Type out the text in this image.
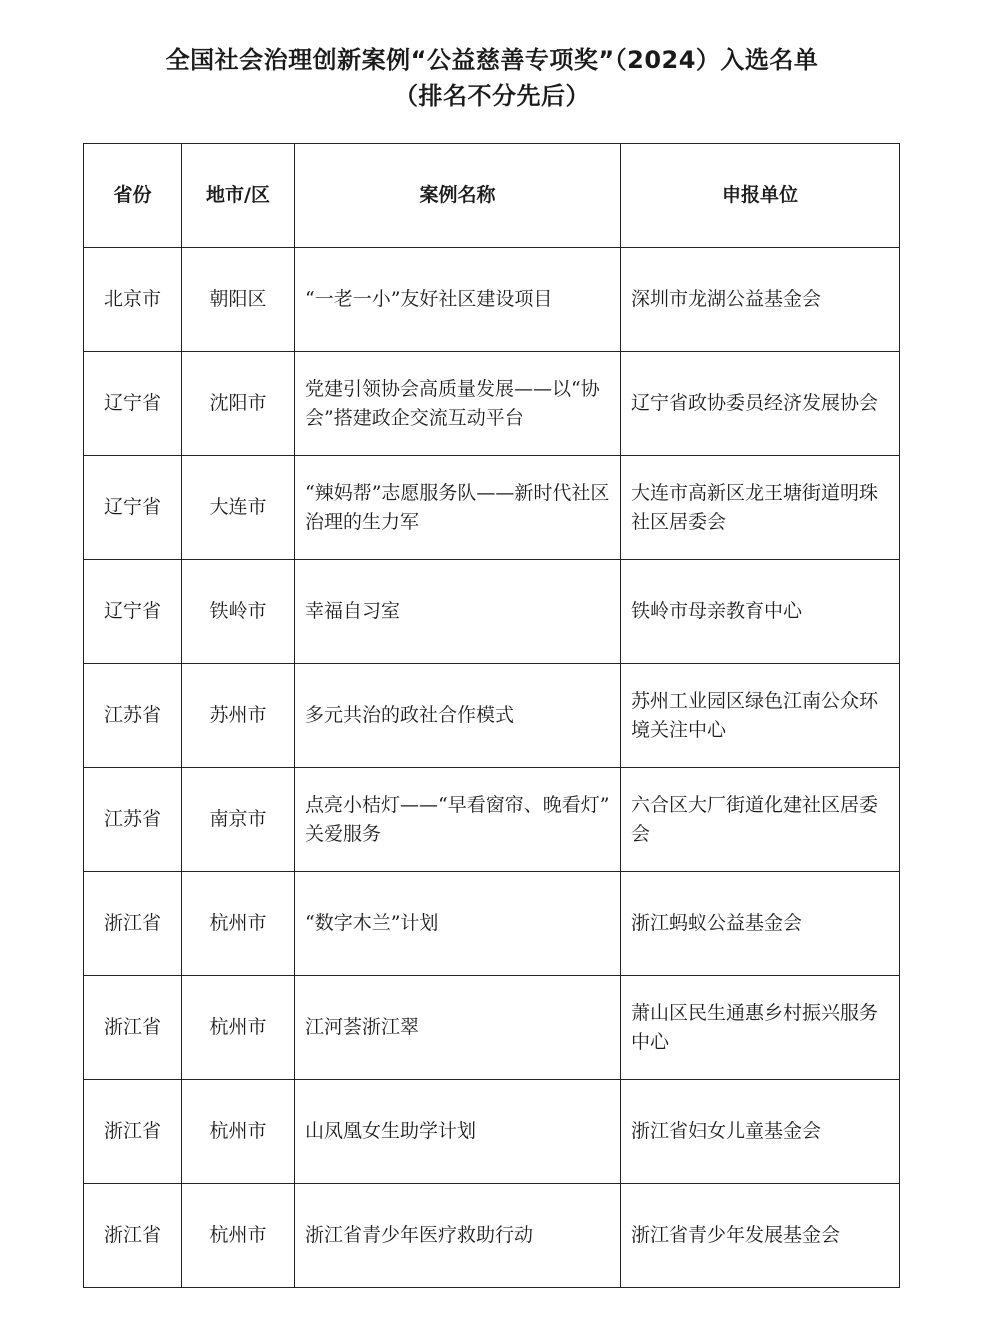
全国社会治理创新案例“公益慈善专项奖”（2024）入选名单
（排名不分先后）
省份	地市/区	案例名称	申报单位
北京市	朝阳区	“一老一小”友好社区建设项目	深圳市龙湖公益基金会
辽宁省	沈阳市	党建引领协会高质量发展——以“协会”搭建政企交流互动平台	辽宁省政协委员经济发展协会
辽宁省	大连市	“辣妈帮”志愿服务队——新时代社区治理的生力军	大连市高新区龙王塘街道明珠社区居委会
辽宁省	铁岭市	幸福自习室	铁岭市母亲教育中心
江苏省	苏州市	多元共治的政社合作模式	苏州工业园区绿色江南公众环境关注中心
江苏省	南京市	点亮小桔灯——“早看窗帘、晚看灯” 关爱服务	六合区大厂街道化建社区居委会
浙江省	杭州市	“数字木兰”计划	浙江蚂蚁公益基金会
浙江省	杭州市	江河荟浙江翠	萧山区民生通惠乡村振兴服务中心
浙江省	杭州市	山凤凰女生助学计划	浙江省妇女儿童基金会
浙江省	杭州市	浙江省青少年医疗救助行动	浙江省青少年发展基金会
